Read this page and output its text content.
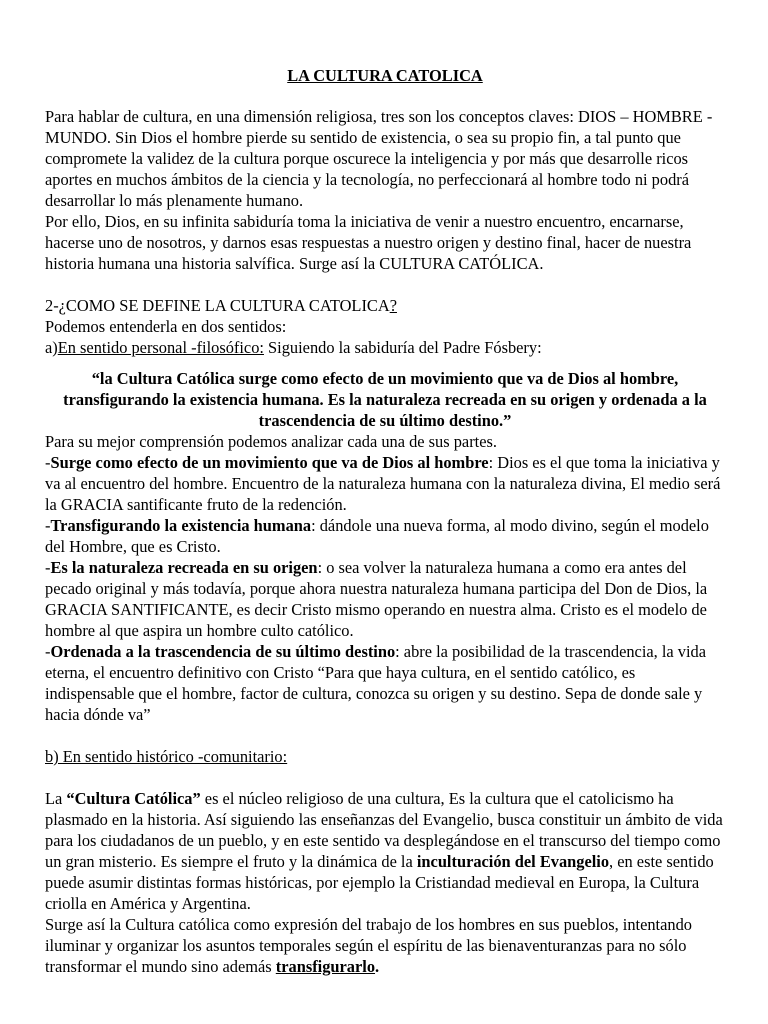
LA CULTURA CATOLICA

Para hablar de cultura, en una dimensión religiosa, tres son los conceptos claves: DIOS – HOMBRE - MUNDO. Sin Dios el hombre pierde su sentido de existencia, o sea su propio fin, a tal punto que compromete la validez de la cultura porque oscurece la inteligencia y por más que desarrolle ricos aportes en muchos ámbitos de la ciencia y la tecnología, no perfeccionará al hombre todo ni podrá desarrollar lo más plenamente humano.

Por ello, Dios, en su infinita sabiduría toma la iniciativa de venir a nuestro encuentro, encarnarse, hacerse uno de nosotros, y darnos esas respuestas a nuestro origen y destino final, hacer de nuestra historia humana una historia salvífica. Surge así la CULTURA CATÓLICA.

2-¿COMO SE DEFINE LA CULTURA CATOLICA?

Podemos entenderla en dos sentidos:

a)En sentido personal -filosófico: Siguiendo la sabiduría del Padre Fósbery:

“la Cultura Católica surge como efecto de un movimiento que va de Dios al hombre, transfigurando la existencia humana. Es la naturaleza recreada en su origen y ordenada a la trascendencia de su último destino.”

Para su mejor comprensión podemos analizar cada una de sus partes.

-Surge como efecto de un movimiento que va de Dios al hombre: Dios es el que toma la iniciativa y va al encuentro del hombre. Encuentro de la naturaleza humana con la naturaleza divina, El medio será la GRACIA santificante fruto de la redención.

-Transfigurando la existencia humana: dándole una nueva forma, al modo divino, según el modelo del Hombre, que es Cristo.

-Es la naturaleza recreada en su origen: o sea volver la naturaleza humana a como era antes del pecado original y más todavía, porque ahora nuestra naturaleza humana participa del Don de Dios, la GRACIA SANTIFICANTE, es decir Cristo mismo operando en nuestra alma. Cristo es el modelo de hombre al que aspira un hombre culto católico.

-Ordenada a la trascendencia de su último destino: abre la posibilidad de la trascendencia, la vida eterna, el encuentro definitivo con Cristo “Para que haya cultura, en el sentido católico, es indispensable que el hombre, factor de cultura, conozca su origen y su destino. Sepa de donde sale y hacia dónde va”

b) En sentido histórico -comunitario:

La “Cultura Católica” es el núcleo religioso de una cultura, Es la cultura que el catolicismo ha plasmado en la historia. Así siguiendo las enseñanzas del Evangelio, busca constituir un ámbito de vida para los ciudadanos de un pueblo, y en este sentido va desplegándose en el transcurso del tiempo como un gran misterio. Es siempre el fruto y la dinámica de la inculturación del Evangelio, en este sentido puede asumir distintas formas históricas, por ejemplo la Cristiandad medieval en Europa, la Cultura criolla en América y Argentina.

Surge así la Cultura católica como expresión del trabajo de los hombres en sus pueblos, intentando iluminar y organizar los asuntos temporales según el espíritu de las bienaventuranzas para no sólo transformar el mundo sino además transfigurarlo.
